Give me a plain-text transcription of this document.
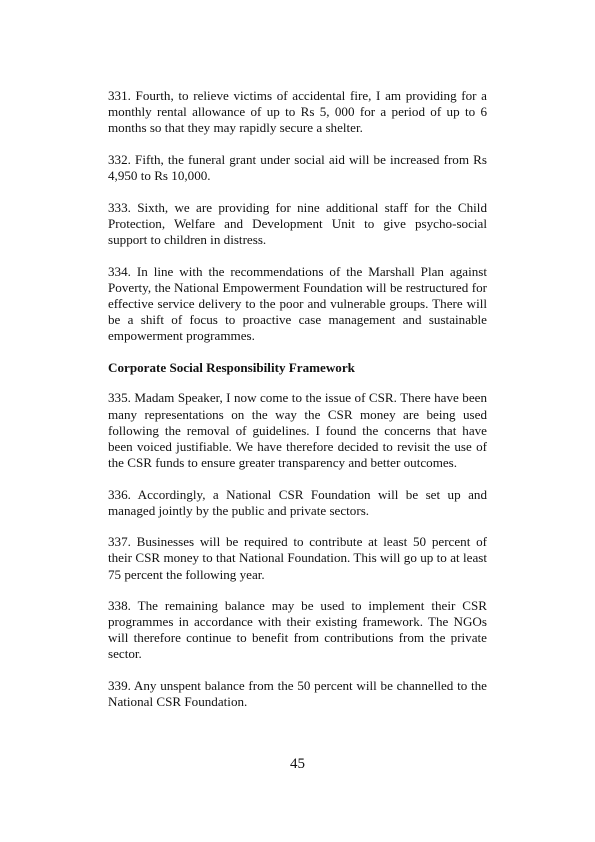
331. Fourth, to relieve victims of accidental fire, I am providing for a monthly rental allowance of up to Rs 5, 000 for a period of up to 6 months so that they may rapidly secure a shelter.

332. Fifth, the funeral grant under social aid will be increased from Rs 4,950 to Rs 10,000.

333. Sixth, we are providing for nine additional staff for the Child Protection, Welfare and Development Unit to give psycho-social support to children in distress.

334. In line with the recommendations of the Marshall Plan against Poverty, the National Empowerment Foundation will be restructured for effective service delivery to the poor and vulnerable groups. There will be a shift of focus to proactive case management and sustainable empowerment programmes.

Corporate Social Responsibility Framework

335. Madam Speaker, I now come to the issue of CSR. There have been many representations on the way the CSR money are being used following the removal of guidelines. I found the concerns that have been voiced justifiable. We have therefore decided to revisit the use of the CSR funds to ensure greater transparency and better outcomes.

336. Accordingly, a National CSR Foundation will be set up and managed jointly by the public and private sectors.

337. Businesses will be required to contribute at least 50 percent of their CSR money to that National Foundation. This will go up to at least 75 percent the following year.

338. The remaining balance may be used to implement their CSR programmes in accordance with their existing framework. The NGOs will therefore continue to benefit from contributions from the private sector.

339. Any unspent balance from the 50 percent will be channelled to the National CSR Foundation.

45
